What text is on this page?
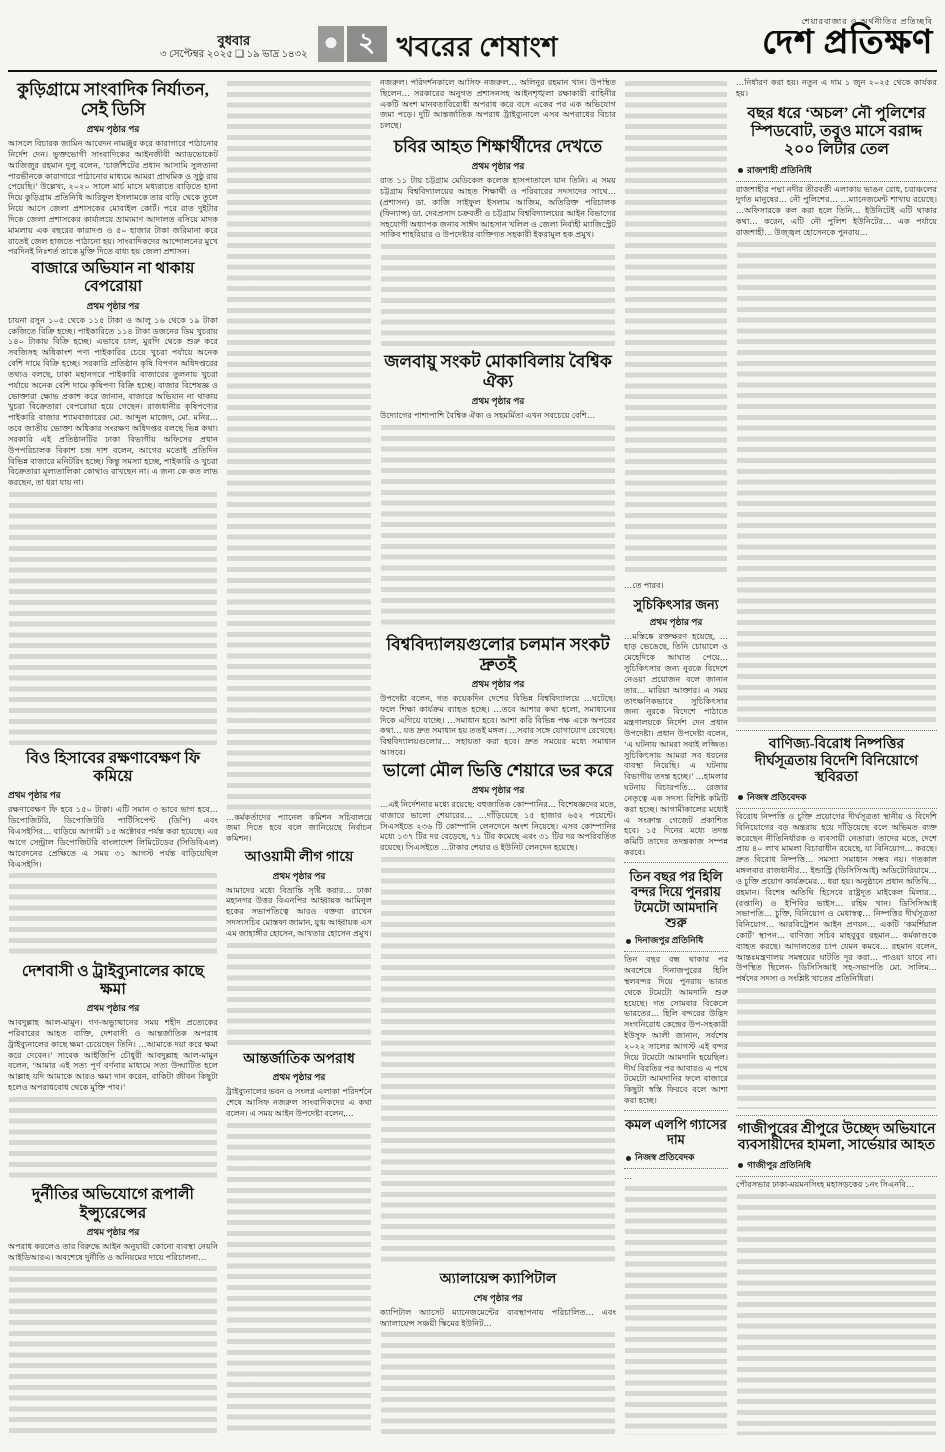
বুধবার
৩ সেপ্টেম্বর ২০২৫ ❑ ১৯ ভাদ্র ১৪৩২	২ খবরের শেষাংশ
শেয়ারবাজার ও অর্থনীতির প্রতিচ্ছবি
দেশ প্রতিক্ষণ
কুড়িগ্রামে সাংবাদিক নির্যাতন, সেই ডিসি
প্রথম পৃষ্ঠার পর

আসলে বিচারক জামিন আবেদন নামঞ্জুর করে কারাগারে পাঠানোর নির্দেশ দেন। ভুক্তভোগী সাংবাদিকের আইনজীবী অ্যাডভোকেট আজিজুর রহমান দুলু বলেন, ‘চার্জশিটের প্রধান আসামি সুলতানা পারভীনকে কারাগারে পাঠানোর মাধ্যমে আমরা প্রাথমিক ও সুষ্ঠু রায় পেয়েছি।’ উল্লেখ্য, ২০২০ সালে মার্চ মাসে মধ্যরাতে বাড়িতে হানা দিয়ে কুড়িগ্রাম প্রতিনিধি আরিফুল ইসলামকে তার বাড়ি থেকে তুলে নিয়ে আসে জেলা প্রশাসকের মোবাইল কোর্ট। পরে রাত দুইটার দিকে জেলা প্রশাসকের কার্যালয়ে ভ্রাম্যমাণ আদালত বসিয়ে মাদক মামলায় এক বছরের কারাদণ্ড ও ৫০ হাজার টাকা জরিমানা করে রাতেই জেল হাজতে পাঠানো হয়। সাংবাদিকদের আন্দোলনের মুখে পরদিনই নিঃশর্ত তাকে মুক্তি দিতে বাধ্য হয় জেলা প্রশাসন।

বাজারে অভিযান না থাকায় বেপরোয়া
প্রথম পৃষ্ঠার পর

চায়না রসুন ১০৫ থেকে ১১৫ টাকা ও আলু ১৬ থেকে ১৯ টাকা কেজিতে বিক্রি হচ্ছে। পাইকারিতে ১১৪ টাকা ডজনের ডিম খুচরায় ১৪০ টাকায় বিক্রি হচ্ছে। এভাবে চাল, মুরগি থেকে শুরু করে সবজিসহ অধিকাংশ পণ্য পাইকারির চেয়ে খুচরা পর্যায়ে অনেক বেশি দামে বিক্রি হচ্ছে। সরকারি প্রতিষ্ঠান কৃষি বিপণন অধিদপ্তরের তথ্যও বলছে, ঢাকা মহানগরে পাইকারি বাজারের তুলনায় খুচরা পর্যায়ে অনেক বেশি দামে কৃষিপণ্য বিক্রি হচ্ছে। বাজার বিশেষজ্ঞ ও ভোক্তারা ক্ষোভ প্রকাশ করে জানান, বাজারে অভিযান না থাকায় খুচরা বিক্রেতারা বেপরোয়া হয়ে গেছেন। রাজধানীর কৃষিপণ্যের পাইকারি বাজার শ্যামবাজারের মো. আব্দুল মাজেদ, মো. মনির… তবে জাতীয় ভোক্তা অধিকার সংরক্ষণ অধিদপ্তর বলছে ভিন্ন কথা। সরকারি এই প্রতিষ্ঠানটির ঢাকা বিভাগীয় অফিসের প্রধান উপপরিচালক বিকাশ চন্দ্র দাশ বলেন, আগের মতোই প্রতিদিন বিভিন্ন বাজারে মনিটরিং হচ্ছে। কিন্তু সমস্যা হচ্ছে, পাইকারি ও খুচরা বিক্রেতারা মূল্যতালিকা কোথাও রাখছেন না। এ জন্য কে কত লাভ করছেন, তা ধরা যায় না।

বিও হিসাবের রক্ষণাবেক্ষণ ফি কমিয়ে
প্রথম পৃষ্ঠার পর

রক্ষণাবেক্ষণ ফি হবে ১৫০ টাকা। এটি সমান ৩ ভাবে ভাগ হবে… ডিপোজিটরি, ডিপোজিটরি পার্টিসিপেন্ট (ডিপি) এবং বিএসইসির… বাড়িয়ে আগামী ১৫ অক্টোবর পর্যন্ত করা হয়েছে। এর আগে সেন্ট্রাল ডিপোজিটরি বাংলাদেশ লিমিটেডের (সিডিবিএল) আবেদনের প্রেক্ষিতে এ সময় ৩১ আগস্ট পর্যন্ত বাড়িয়েছিল বিএসইসি।

দেশবাসী ও ট্রাইব্যুনালের কাছে ক্ষমা
প্রথম পৃষ্ঠার পর

আবদুল্লাহ আল-মামুন। গণ-অভ্যুত্থানের সময় শহীদ প্রত্যেকের পরিবারের আহত ব্যক্তি, দেশবাসী ও আন্তর্জাতিক অপরাধ ট্রাইব্যুনালের কাছে ক্ষমা চেয়েছেন তিনি। …আমাকে দয়া করে ক্ষমা করে দেবেন।’ সাবেক আইজিপি চৌধুরী আবদুল্লাহ আল-মামুন বলেন, ‘আমার এই সত্য পূর্ণ বর্ণনার মাধ্যমে সত্য উদ্ঘাটিত হলে আল্লাহ যদি আমাকে আরও ক্ষমা দান করেন, বাকিটা জীবন কিছুটা হলেও অপরাধবোধ থেকে মুক্তি পাব।’

দুর্নীতির অভিযোগে রূপালী ইন্স্যুরেন্সের
প্রথম পৃষ্ঠার পর

অপরাধ করলেও তার বিরুদ্ধে আইন অনুযায়ী কোনো ব্যবস্থা নেয়নি আইডিআরএ। অবশেষে দুর্নীতি ও অনিয়মের দায়ে পরিচালনা…

…কর্মকর্তাদের প্যানেল কমিশন সচিবালয়ে জমা দিতে হবে বলে জানিয়েছে নির্বাচন কমিশন।

আওয়ামী লীগ গায়ে
প্রথম পৃষ্ঠার পর

আমাদের মধ্যে বিভ্রান্তি সৃষ্টি করার… ঢাকা মহানগর উত্তর বিএনপির আহ্বায়ক আমিনুল হকের সভাপতিত্বে আরও বক্তব্য রাখেন সদস্যসচিব মোস্তফা জামান, যুগ্ম আহ্বায়ক এস এম জাহাঙ্গীর হোসেন, আখতার হোসেন প্রমুখ।

আন্তর্জাতিক অপরাধ
প্রথম পৃষ্ঠার পর

ট্রাইব্যুনালের ভবন ও সংলগ্ন এলাকা পরিদর্শনে শেষে আসিফ নজরুল সাংবাদিকদের এ কথা বলেন। এ সময় আইন উপদেষ্টা বলেন,…

নজরুল। পরিদর্শনকালে আসিফ নজরুল… অলিনুর রহমান খান। উপস্থিত ছিলেন… সরকারের অনুগত প্রশাসনসহ আইনশৃঙ্খলা রক্ষাকারী বাহিনীর একটি অংশ মানবতাবিরোধী অপরাধ করে বসে একের পর এক অভিযোগ জমা পড়ে। দুটি আন্তর্জাতিক অপরাধ ট্রাইব্যুনালে এসব অপরাধের বিচার চলছে।

চবির আহত শিক্ষার্থীদের দেখতে
প্রথম পৃষ্ঠার পর

রাত ১১ টায় চট্টগ্রাম মেডিকেল কলেজ হাসপাতালে যান তিনি। এ সময় চট্টগ্রাম বিশ্ববিদ্যালয়ের আহত শিক্ষার্থী ও পরিবারের সদস্যদের সাথে… (প্রশাসন) ডা. কাজি সাইফুল ইসলাম আজিম, অতিরিক্ত পরিচালক (ফিন্যান্স) ডা. দেবপ্রসাদ চক্রবর্তী ও চট্টগ্রাম বিশ্ববিদ্যালয়ের আইন বিভাগের সহযোগী অধ্যাপক জনাব সাঈদ আহসান খলিল ও জেলা নির্বাহী ম্যাজিস্ট্রেট সাকিব শাহরিয়ার ও উপদেষ্টার ব্যক্তিগত সহকারী ইকরামুল হক প্রমুখ।

জলবায়ু সংকট মোকাবিলায় বৈশ্বিক ঐক্য
প্রথম পৃষ্ঠার পর

উদ্যোগের পাশাপাশি বৈশ্বিক ঐক্য ও সহমর্মিতা এখন সবচেয়ে বেশি…

বিশ্ববিদ্যালয়গুলোর চলমান সংকট দ্রুতই
প্রথম পৃষ্ঠার পর

উপদেষ্টা বলেন, গত কয়েকদিন দেশের বিভিন্ন বিশ্ববিদ্যালয়ে …ঘটেছে। ফলে শিক্ষা কার্যক্রম ব্যাহত হচ্ছে। …তবে আশার কথা হলো, সমাধানের দিকে এগিয়ে যাচ্ছে। …সমাধান হবে। আশা করি বিভিন্ন পক্ষ একে অপরের কথা… যত দ্রুত সমাধান হয় ততই মঙ্গল। …সবার সঙ্গে যোগাযোগ রেখেছে। বিশ্ববিদ্যালয়গুলোর… সহায়তা করা হবে। দ্রুত সময়ের মধ্যে সমাধান আসবে।

ভালো মৌল ভিত্তি শেয়ারে ভর করে
প্রথম পৃষ্ঠার পর

…এই নির্দেশনার মধ্যে রয়েছে: বহুজাতিক কোম্পানির… বিশেষজ্ঞদের মতে, বাজারে ভালো শেয়ারের… …দাঁড়িয়েছে ১৫ হাজার ৬৫২ পয়েন্টে। সিএসইতে ২৩৬ টি কোম্পানি লেনদেনে অংশ নিয়েছে। এসব কোম্পানির মধ্যে ১৩৭ টির দর বেড়েছে, ৭১ টির কমেছে এবং ৩১ টির দর অপরিবর্তিত রয়েছে। সিএসইতে …টাকার শেয়ার ও ইউনিট লেনদেন হয়েছে।

অ্যালায়েন্স ক্যাপিটাল
শেষ পৃষ্ঠার পর

ক্যাপিটাল অ্যাসেট ম্যানেজমেন্টের ব্যবস্থাপনায় পরিচালিত… এবং অ্যালায়েন্স সঞ্চয়ী স্কিমের ইউনিট…

…তে পারব।

সুচিকিৎসার জন্য
প্রথম পৃষ্ঠার পর

…মস্তিষ্কে রক্তক্ষরণ হয়েছে, …হাড় ভেঙেছে, তিনি চোয়ালে ও মেহেদিকে আঘাত পেয়ে… সুচিকিৎসার জন্য নুরকে বিদেশে নেওয়া প্রয়োজন বলে জানান তার… মারিয়া আক্তার। এ সময় তাৎক্ষণিকভাবে সুচিকিৎসার জন্য নুরকে বিদেশে পাঠাতে মন্ত্রণালয়কে নির্দেশ দেন প্রধান উপদেষ্টা। প্রধান উপদেষ্টা বলেন, ‘এ ঘটনায় আমরা সবাই লজ্জিত। সুচিকিৎসায় আমরা সব ধরনের ব্যবস্থা নিয়েছি। এ ঘটনায় বিভাগীয় তদন্ত হচ্ছে।’ …হামলার ঘটনায় বিচারপতি… রেজার নেতৃত্বে এক সদস্য বিশিষ্ট কমিটি করা হচ্ছে। আগামীকালের মধ্যেই এ সংক্রান্ত গেজেট প্রকাশিত হবে। ১৫ দিনের মধ্যে তদন্ত কমিটি তাদের তদন্তকাজ সম্পন্ন করবে।

তিন বছর পর হিলি বন্দর দিয়ে পুনরায় টমেটো আমদানি শুরু
দিনাজপুর প্রতিনিধি

তিন বছর বন্ধ থাকার পর অবশেষে দিনাজপুরের হিলি স্থলবন্দর দিয়ে পুনরায় ভারত থেকে টমেটো আমদানি শুরু হয়েছে। গত সোমবার বিকেলে ভারতের… হিলি বন্দরের উদ্ভিদ সংগনিরোধ কেন্দ্রের উপ-সহকারী ইউসুফ আলী জানান, সর্বশেষ ২০২২ সালের আগস্ট এই বন্দর দিয়ে টমেটো আমদানি হয়েছিল। দীর্ঘ বিরতির পর আবারও এ পথে টমেটো আমদানির ফলে বাজারে কিছুটা স্বস্তি ফিরবে বলে আশা করা হচ্ছে।

কমল এলপি গ্যাসের দাম
নিজস্ব প্রতিবেদক

…

…নির্ধারণ করা হয়। নতুন এ দাম ১ জুন ২০২৫ থেকে কার্যকর হয়।

বছর ধরে ‘অচল’ নৌ পুলিশের স্পিডবোট, তবুও মাসে বরাদ্দ ২০০ লিটার তেল
রাজশাহী প্রতিনিধি

রাজশাহীর পদ্মা নদীর তীরবর্তী এলাকায় ভাঙন রোধ, চরাঞ্চলের দুর্গত মানুষের… নৌ পুলিশের… …ম্যানেজমেন্ট শাখায় রয়েছে। …অফিসারকে কল করা হলে তিনি… ইউনিটেই এটি থাকার কথা… করেন, এটি নৌ পুলিশ ইউনিটের… এক পর্যায়ে রাজশাহী… উজ্জ্বল হোসেনকে পুনরায়…

বাণিজ্য-বিরোধ নিষ্পত্তির দীর্ঘসূত্রতায় বিদেশি বিনিয়োগে স্থবিরতা
নিজস্ব প্রতিবেদক

বিরোধ নিষ্পত্তি ও চুক্তি প্রয়োগের দীর্ঘসূত্রতা স্থানীয় ও বিদেশি বিনিয়োগের বড় অন্তরায় হয়ে দাঁড়িয়েছে বলে অভিমত ব্যক্ত করেছেন নীতিনির্ধারক ও ব্যবসায়ী নেতারা। তাদের মতে, দেশে প্রায় ৪০ লাখ মামলা বিচারাধীন রয়েছে, যা বিনিয়োগ… করছে। দ্রুত বিরোধ নিষ্পত্তি… সমস্যা সমাধান সম্ভব নয়। গতকাল মঙ্গলবার রাজধানীর… ইন্ডাস্ট্রি (ডিসিসিআই) অডিটোরিয়ামে… ও চুক্তি প্রয়োগ কার্যক্রমের… ধরা হয়। অনুষ্ঠানে প্রধান অতিথি… রহমান। বিশেষ অতিথি হিসেবে রাষ্ট্রদূত মাইকেল মিলার… (রপ্তানি) ও ইপিবির ভাইস… রহিম খান। ডিসিসিআই সভাপতি… চুক্তি, বিনিয়োগ ও মেধাস্বত্ব… নিষ্পত্তির দীর্ঘসূত্রতা বিনিয়োগ… আরবিট্রেশন আইন প্রণয়ন… একটি ‘কমর্শিয়াল কোর্ট’ স্থাপন… বাণিজ্য সচিব মাহবুবুর রহমান… কর্মকাণ্ডকে ব্যাহত করছে। আদালতের চাপ যেমন কমবে… রহমান বলেন, আন্তঃমন্ত্রণালয় সমন্বয়ের ঘাটতি দূর করা… পাওয়া যাবে না। উপস্থিত ছিলেন- ডিসিসিআই সহ-সভাপতি মো. সালিম… পর্ষদের সদস্য ও সংশ্লিষ্ট খাতের প্রতিনিধিরা।

গাজীপুরের শ্রীপুরে উচ্ছেদ অভিযানে ব্যবসায়ীদের হামলা, সার্ভেয়ার আহত
গাজীপুর প্রতিনিধি

পৌরসভার ঢাকা-ময়মনসিংহ মহাসড়কের ১নং সিএনবি…
